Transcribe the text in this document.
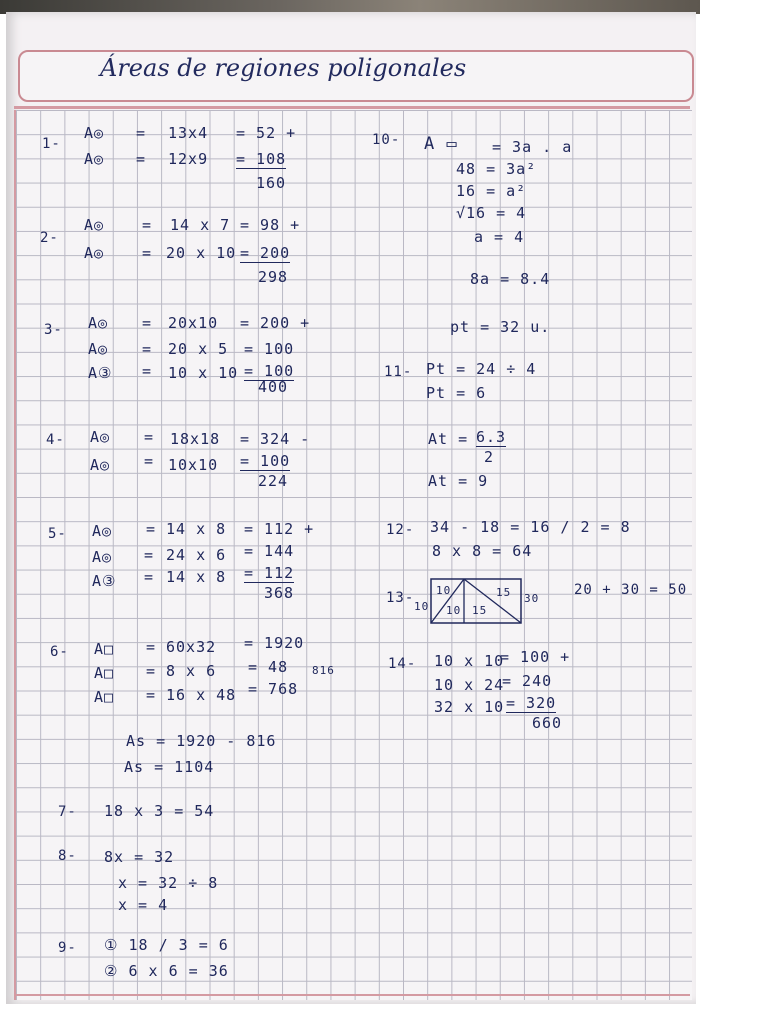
Áreas de regiones poligonales
1-
A◎ = 13x4 = 52 +
A◎ = 12x9 = 108
160
2-
A◎	= 14 x 7 = 98 +
A◎	= 20 x 10 = 200
298
3- A◎ = 20x10 = 200 +
A◎ = 20 x 5 = 100
A③ = 10 x 10 = 100
400
4- A◎ = 18x18 = 324 -
A◎ = 10x10 = 100
224
5- A◎ = 14 x 8 = 112 +
A◎ = 24 x 6 = 144
A③ = 14 x 8 = 112
368
6- A□ = 60x32 = 1920
A□ = 8 x 6 = 48
A□ = 16 x 48 = 768
816
As = 1920 - 816
As = 1104
7- 18 x 3 = 54
8- 8x = 32
x = 32 ÷ 8
x = 4
9- ① 18 / 3 = 6
② 6 x 6 = 36
10- A ▭ = 3a . a
48 = 3a²
16 = a²
√16 = 4
a = 4
8a = 8.4
pt = 32 u.
11- Pt = 24 ÷ 4
Pt = 6
At = 6.3
2
At = 9
12- 34 - 18 = 16 / 2 = 8
8 x 8 = 64
13- 10
10 10 15
15 30
20 + 30 = 50
14- 10 x 10
= 100 +
10 x 24
= 240
32 x 10 = 320
660
